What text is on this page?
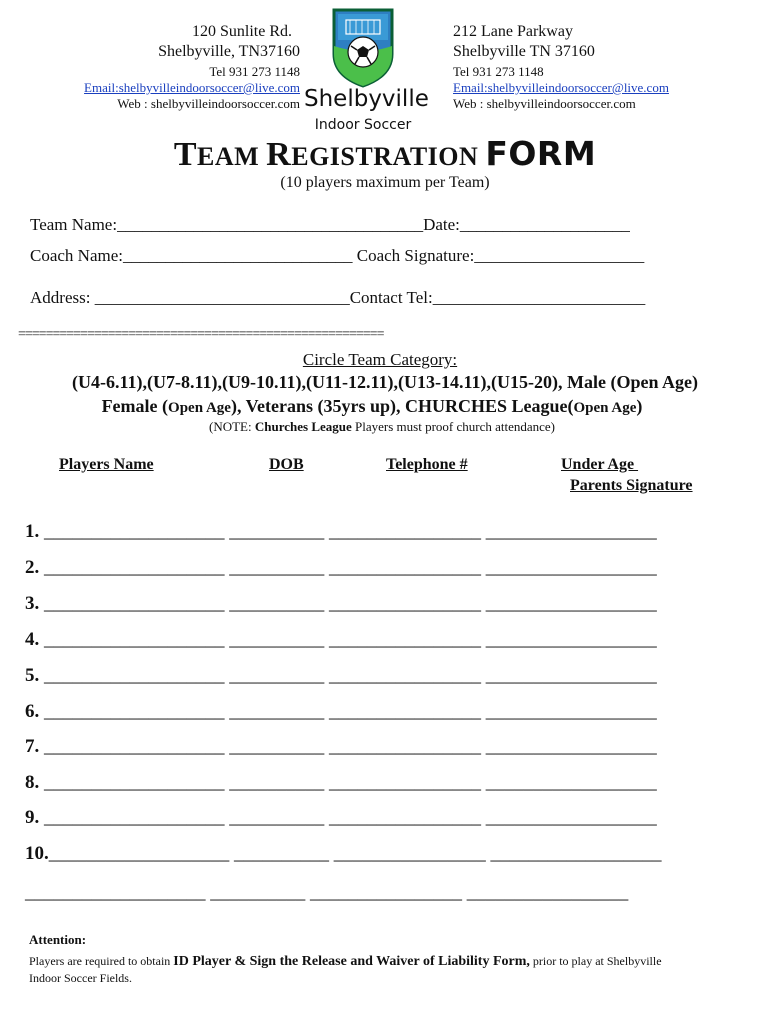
120 Sunlite Rd.
Shelbyville, TN37160
Tel 931 273 1148
Email:shelbyvilleindoorsoccer@live.com
Web : shelbyvilleindoorsoccer.com Shelbyville
Indoor Soccer
212 Lane Parkway
Shelbyville TN 37160
Tel 931 273 1148
Email:shelbyvilleindoorsoccer@live.com
Web : shelbyvilleindoorsoccer.com
TEAM REGISTRATION FORM
(10 players maximum per Team)
Team Name:____________________________________Date:____________________
Coach Name:___________________________ Coach Signature:____________________
Address: ______________________________Contact Tel:_________________________
=====================================================
Circle Team Category:
(U4-6.11),(U7-8.11),(U9-10.11),(U11-12.11),(U13-14.11),(U15-20), Male (Open Age)
Female (Open Age), Veterans (35yrs up), CHURCHES League(Open Age)
(NOTE: Churches League Players must proof church attendance)
Players Name	DOB	Telephone #	Under Age
Parents Signature
1. ___________________ __________ ________________ __________________
2. ___________________ __________ ________________ __________________
3. ___________________ __________ ________________ __________________
4. ___________________ __________ ________________ __________________
5. ___________________ __________ ________________ __________________
6. ___________________ __________ ________________ __________________
7. ___________________ __________ ________________ __________________
8. ___________________ __________ ________________ __________________
9. ___________________ __________ ________________ __________________
10.___________________ __________ ________________ __________________
___________________ __________ ________________ _________________
Attention:
Players are required to obtain ID Player & Sign the Release and Waiver of Liability Form, prior to play at Shelbyville
Indoor Soccer Fields.
